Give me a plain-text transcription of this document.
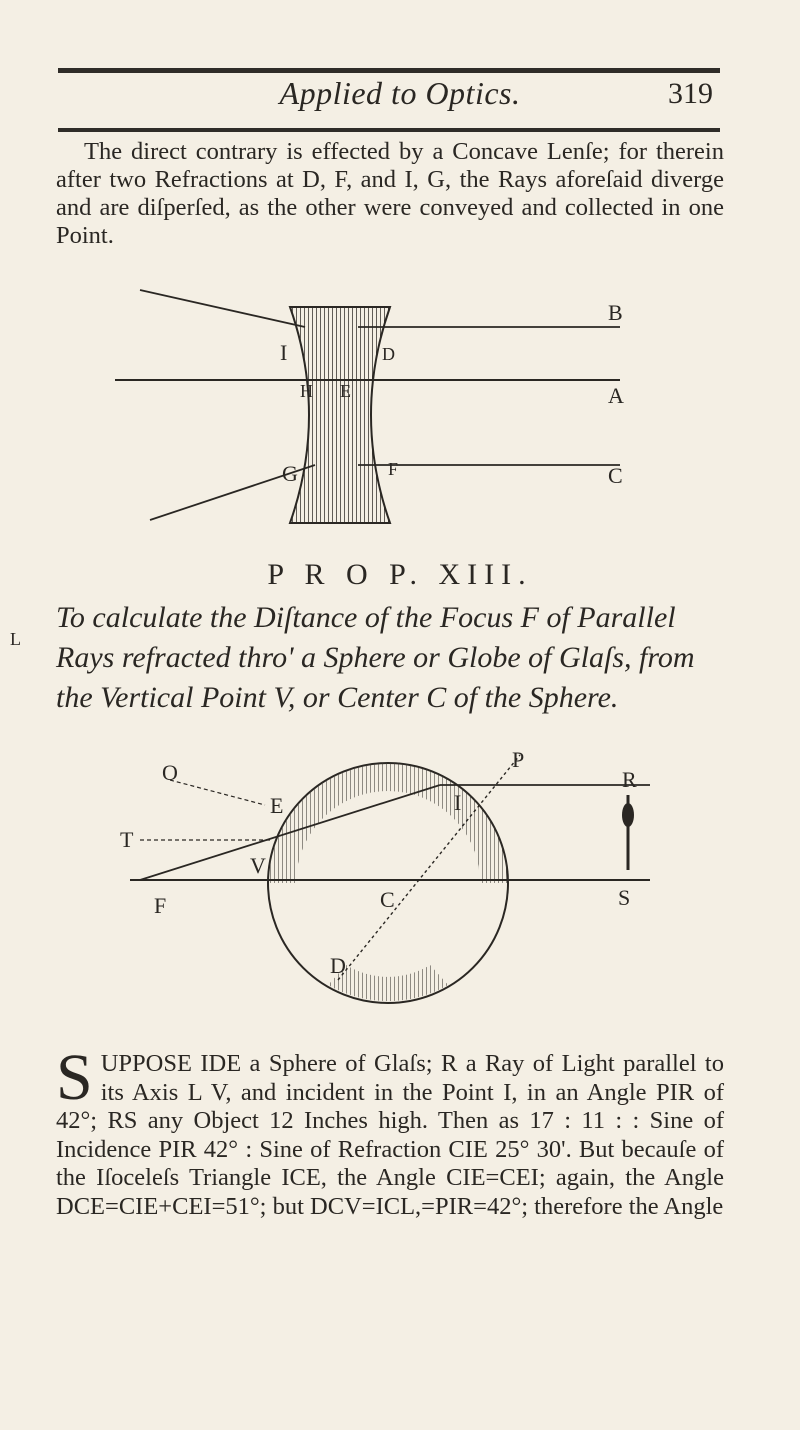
Applied to Optics.	319

The direct contrary is effected by a Concave Lenſe; for therein after two Refractions at D, F, and I, G, the Rays aforeſaid diverge and are diſperſed, as the other were conveyed and collected in one Point.

I
B
D
H E	A
G	F	C
P R O P. XIII.
To calculate the Diſtance of the Focus F of Parallel Rays refracted thro' a Sphere or Globe of Glaſs, from the Vertical Point V, or Center C of the Sphere.
O
P
E	I
R
T
V
F	C	S
D
L

SUPPOSE IDE a Sphere of Glaſs; R a Ray of Light parallel to its Axis L V, and incident in the Point I, in an Angle PIR of 42°; RS any Object 12 Inches high. Then as 17 : 11 : : Sine of Incidence PIR 42° : Sine of Refraction CIE 25° 30'. But becauſe of the Iſoceleſs Triangle ICE, the Angle CIE=CEI; again, the Angle DCE=CIE+CEI=51°; but DCV=ICL,=PIR=42°; therefore the Angle
